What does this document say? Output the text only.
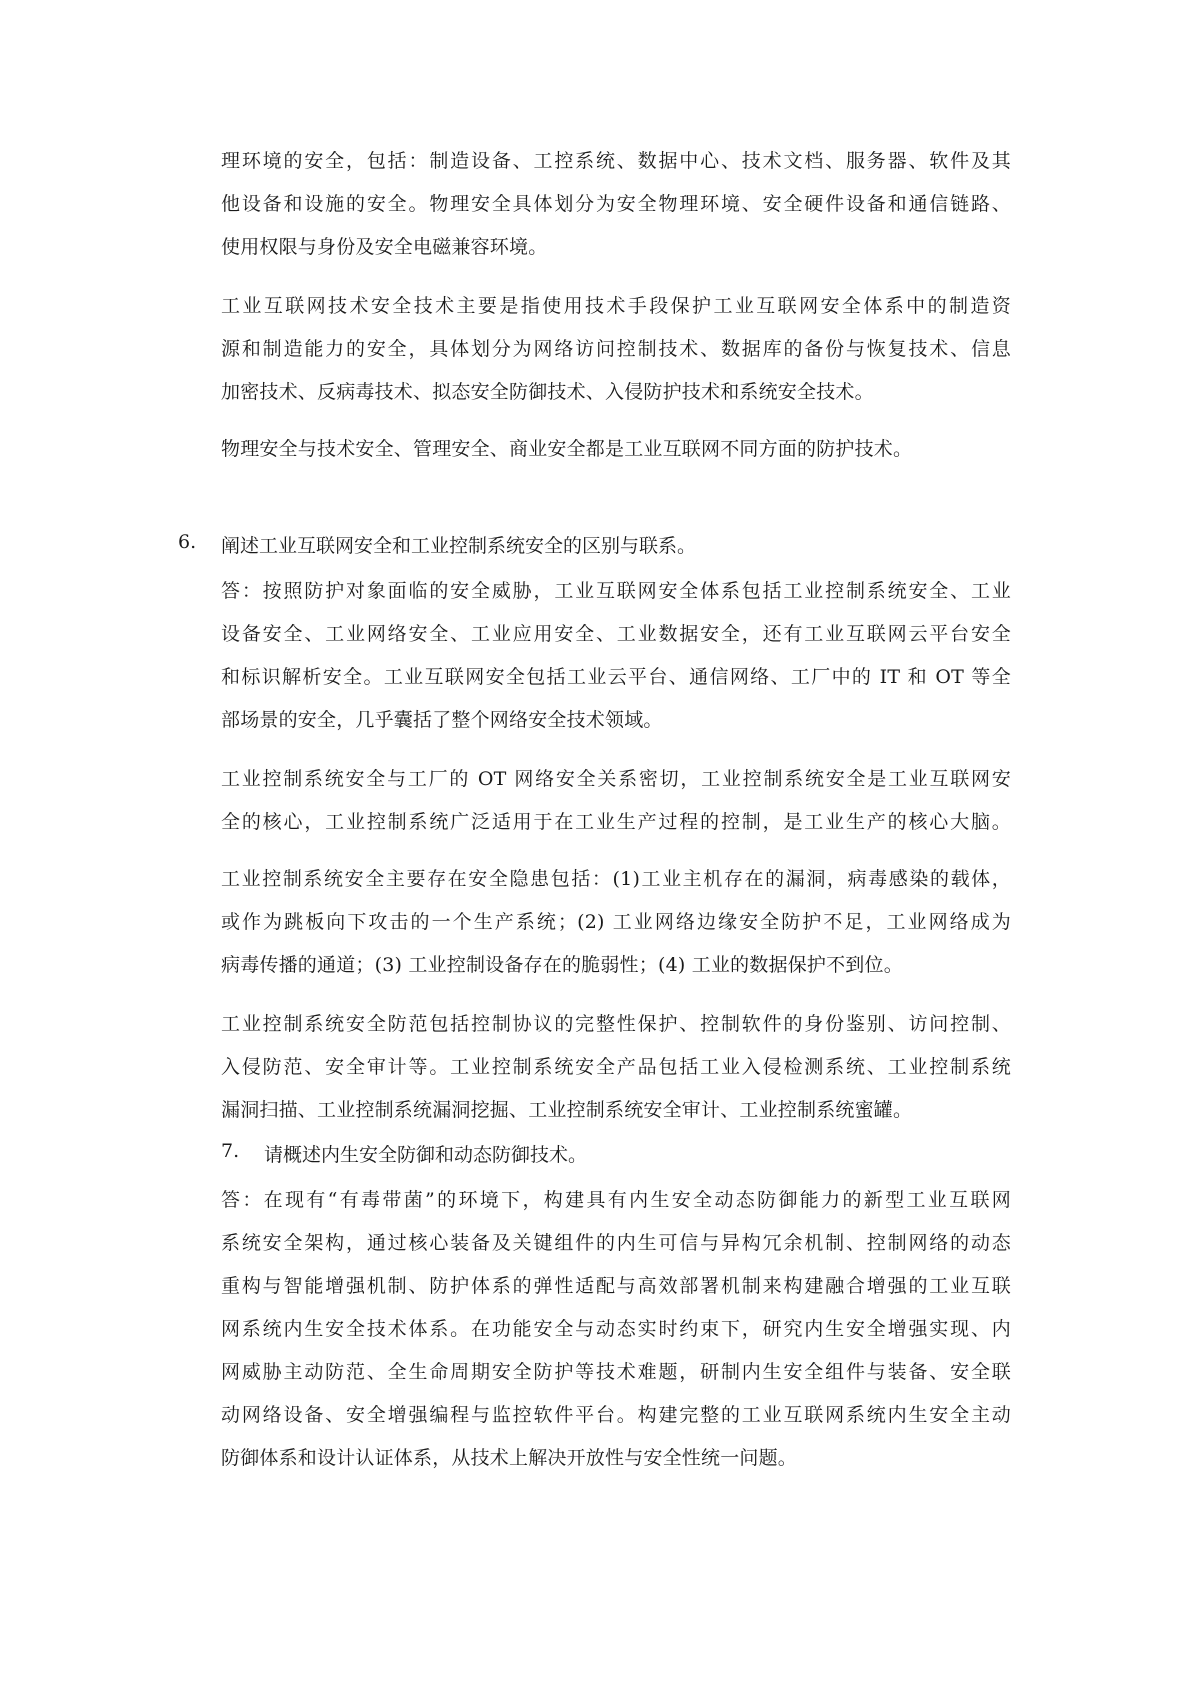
理环境的安全，包括：制造设备、工控系统、数据中心、技术文档、服务器、软件及其
他设备和设施的安全。物理安全具体划分为安全物理环境、安全硬件设备和通信链路、
使用权限与身份及安全电磁兼容环境。
工业互联网技术安全技术主要是指使用技术手段保护工业互联网安全体系中的制造资
源和制造能力的安全，具体划分为网络访问控制技术、数据库的备份与恢复技术、信息
加密技术、反病毒技术、拟态安全防御技术、入侵防护技术和系统安全技术。
物理安全与技术安全、管理安全、商业安全都是工业互联网不同方面的防护技术。
6. 阐述工业互联网安全和工业控制系统安全的区别与联系。
答：按照防护对象面临的安全威胁，工业互联网安全体系包括工业控制系统安全、工业
设备安全、工业网络安全、工业应用安全、工业数据安全，还有工业互联网云平台安全
和标识解析安全。工业互联网安全包括工业云平台、通信网络、工厂中的 IT 和 OT 等全
部场景的安全，几乎囊括了整个网络安全技术领域。
工业控制系统安全与工厂的 OT 网络安全关系密切，工业控制系统安全是工业互联网安
全的核心，工业控制系统广泛适用于在工业生产过程的控制，是工业生产的核心大脑。
工业控制系统安全主要存在安全隐患包括：(1)工业主机存在的漏洞，病毒感染的载体，
或作为跳板向下攻击的一个生产系统；(2) 工业网络边缘安全防护不足，工业网络成为
病毒传播的通道；(3) 工业控制设备存在的脆弱性；(4) 工业的数据保护不到位。
工业控制系统安全防范包括控制协议的完整性保护、控制软件的身份鉴别、访问控制、
入侵防范、安全审计等。工业控制系统安全产品包括工业入侵检测系统、工业控制系统
漏洞扫描、工业控制系统漏洞挖掘、工业控制系统安全审计、工业控制系统蜜罐。
7. 请概述内生安全防御和动态防御技术。
答：在现有“有毒带菌”的环境下，构建具有内生安全动态防御能力的新型工业互联网
系统安全架构，通过核心装备及关键组件的内生可信与异构冗余机制、控制网络的动态
重构与智能增强机制、防护体系的弹性适配与高效部署机制来构建融合增强的工业互联
网系统内生安全技术体系。在功能安全与动态实时约束下，研究内生安全增强实现、内
网威胁主动防范、全生命周期安全防护等技术难题，研制内生安全组件与装备、安全联
动网络设备、安全增强编程与监控软件平台。构建完整的工业互联网系统内生安全主动
防御体系和设计认证体系，从技术上解决开放性与安全性统一问题。
